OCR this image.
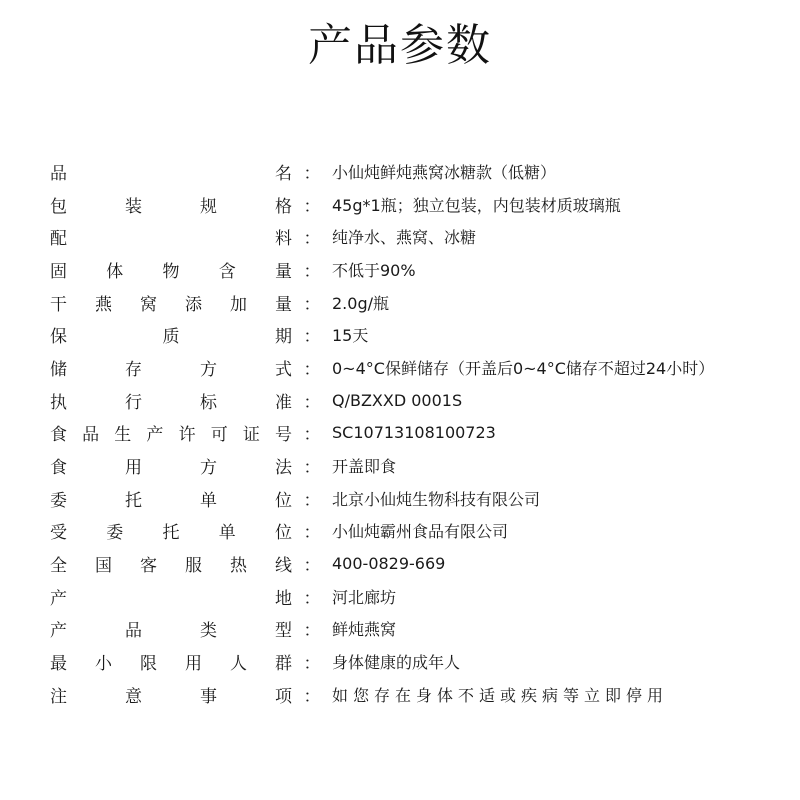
产品参数
品	名 ： 小仙炖鲜炖燕窝冰糖款（低糖）
包	装	规	格 ： 45g*1瓶；独立包装，内包装材质玻璃瓶
配	料 ： 纯净水、燕窝、冰糖
固 体 物 含 量 ： 不低于90%
干 燕 窝 添 加 量 ： 2.0g/瓶
保	质	期 ： 15天
储	存	方	式 ： 0~4°C保鲜储存（开盖后0~4°C储存不超过24小时）
执	行	标	准 ： Q/BZXXD 0001S
食 品 生 产 许 可 证 号 ： SC10713108100723
食	用	方	法 ： 开盖即食
委	托	单	位 ： 北京小仙炖生物科技有限公司
受 委 托 单 位 ： 小仙炖霸州食品有限公司
全 国 客 服 热 线 ： 400-0829-669
产	地 ： 河北廊坊
产	品	类	型 ： 鲜炖燕窝
最 小 限 用 人 群 ： 身体健康的成年人
注	意	事	项 ： 如您存在身体不适或疾病等立即停用
